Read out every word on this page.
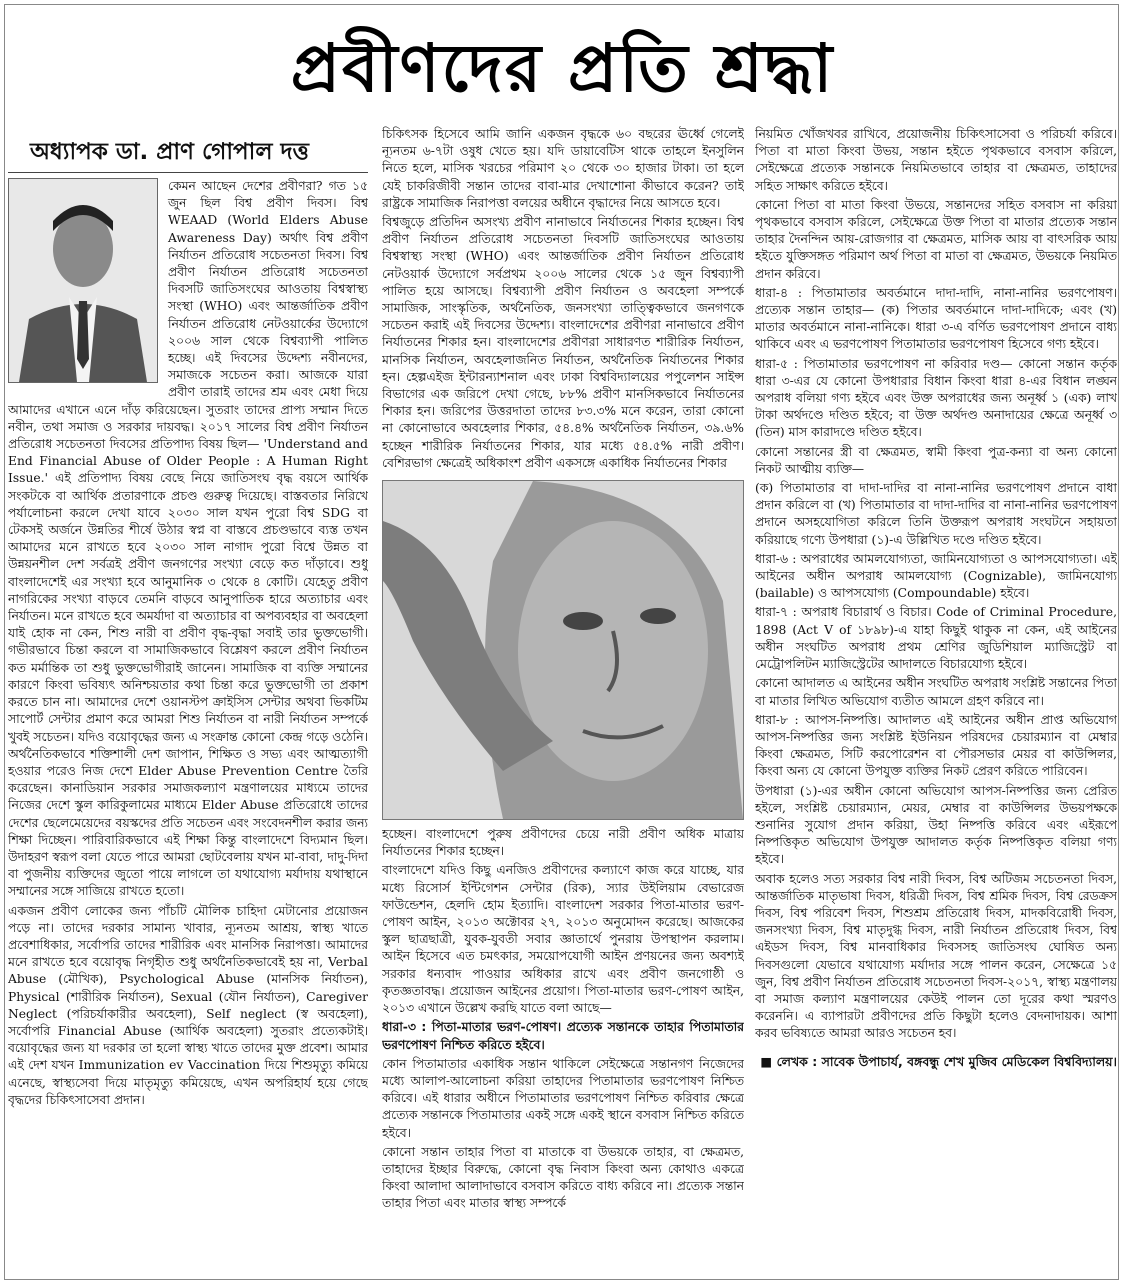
প্রবীণদের প্রতি শ্রদ্ধা
অধ্যাপক ডা. প্রাণ গোপাল দত্ত

কেমন আছেন দেশের প্রবীণরা? গত ১৫ জুন ছিল বিশ্ব প্রবীণ দিবস। বিশ্ব WEAAD (World Elders Abuse Awareness Day) অর্থাৎ বিশ্ব প্রবীণ নির্যাতন প্রতিরোধ সচেতনতা দিবস। বিশ্ব প্রবীণ নির্যাতন প্রতিরোধ সচেতনতা দিবসটি জাতিসংঘের আওতায় বিশ্বস্বাস্থ্য সংস্থা (WHO) এবং আন্তর্জাতিক প্রবীণ নির্যাতন প্রতিরোধ নেটওয়ার্কের উদ্যোগে ২০০৬ সাল থেকে বিশ্বব্যাপী পালিত হচ্ছে। এই দিবসের উদ্দেশ্য নবীনদের, সমাজকে সচেতন করা। আজকে যারা প্রবীণ তারাই তাদের শ্রম এবং মেধা দিয়ে আমাদের এখানে এনে দাঁড় করিয়েছেন। সুতরাং তাদের প্রাপ্য সম্মান দিতে নবীন, তথা সমাজ ও সরকার দায়বদ্ধ। ২০১৭ সালের বিশ্ব প্রবীণ নির্যাতন প্রতিরোধ সচেতনতা দিবসের প্রতিপাদ্য বিষয় ছিল— 'Understand and End Financial Abuse of Older People : A Human Right Issue.' এই প্রতিপাদ্য বিষয় বেছে নিয়ে জাতিসংঘ বৃদ্ধ বয়সে আর্থিক সংকটকে বা আর্থিক প্রতারণাকে প্রচণ্ড গুরুত্ব দিয়েছে। বাস্তবতার নিরিখে পর্যালোচনা করলে দেখা যাবে ২০৩০ সাল যখন পুরো বিশ্ব SDG বা টেকসই অর্জনে উন্নতির শীর্ষে উঠার স্বপ্ন বা বাস্তবে প্রচণ্ডভাবে ব্যস্ত তখন আমাদের মনে রাখতে হবে ২০৩০ সাল নাগাদ পুরো বিশ্বে উন্নত বা উন্নয়নশীল দেশ সর্বত্রই প্রবীণ জনগণের সংখ্যা বেড়ে কত দাঁড়াবে। শুধু বাংলাদেশেই এর সংখ্যা হবে আনুমানিক ৩ থেকে ৪ কোটি। যেহেতু প্রবীণ নাগরিকের সংখ্যা বাড়বে তেমনি বাড়বে আনুপাতিক হারে অত্যাচার এবং নির্যাতন। মনে রাখতে হবে অমর্যাদা বা অত্যাচার বা অপব্যবহার বা অবহেলা যাই হোক না কেন, শিশু নারী বা প্রবীণ বৃদ্ধ-বৃদ্ধা সবাই তার ভুক্তভোগী। গভীরভাবে চিন্তা করলে বা সামাজিকভাবে বিশ্লেষণ করলে প্রবীণ নির্যাতন কত মর্মান্তিক তা শুধু ভুক্তভোগীরাই জানেন। সামাজিক বা ব্যক্তি সম্মানের কারণে কিংবা ভবিষ্যৎ অনিশ্চয়তার কথা চিন্তা করে ভুক্তভোগী তা প্রকাশ করতে চান না। আমাদের দেশে ওয়ানস্টপ ক্রাইসিস সেন্টার অথবা ভিকটিম সাপোর্ট সেন্টার প্রমাণ করে আমরা শিশু নির্যাতন বা নারী নির্যাতন সম্পর্কে খুবই সচেতন। যদিও বয়োবৃদ্ধের জন্য এ সংক্রান্ত কোনো কেন্দ্র গড়ে ওঠেনি। অর্থনৈতিকভাবে শক্তিশালী দেশ জাপান, শিক্ষিত ও সভ্য এবং আত্মত্যাগী হওয়ার পরেও নিজ দেশে Elder Abuse Prevention Centre তৈরি করেছেন। কানাডিয়ান সরকার সমাজকল্যাণ মন্ত্রণালয়ের মাধ্যমে তাদের নিজের দেশে স্কুল কারিকুলামের মাধ্যমে Elder Abuse প্রতিরোধে তাদের দেশের ছেলেমেয়েদের বয়স্কদের প্রতি সচেতন এবং সংবেদনশীল করার জন্য শিক্ষা দিচ্ছেন। পারিবারিকভাবে এই শিক্ষা কিন্তু বাংলাদেশে বিদ্যমান ছিল। উদাহরণ স্বরূপ বলা যেতে পারে আমরা ছোটবেলায় যখন মা-বাবা, দাদু-দিদা বা পুজনীয় ব্যক্তিদের জুতো পায়ে লাগলে তা যথাযোগ্য মর্যাদায় যথাস্থানে সম্মানের সঙ্গে সাজিয়ে রাখতে হতো।

একজন প্রবীণ লোকের জন্য পাঁচটি মৌলিক চাহিদা মেটানোর প্রয়োজন পড়ে না। তাদের দরকার সামান্য খাবার, ন্যূনতম আশ্রয়, স্বাস্থ্য খাতে প্রবেশাধিকার, সর্বোপরি তাদের শারীরিক এবং মানসিক নিরাপত্তা। আমাদের মনে রাখতে হবে বয়োবৃদ্ধ নিগৃহীত শুধু অর্থনৈতিকভাবেই হয় না, Verbal Abuse (মৌখিক), Psychological Abuse (মানসিক নির্যাতন), Physical (শারীরিক নির্যাতন), Sexual (যৌন নির্যাতন), Caregiver Neglect (পরিচর্যাকারীর অবহেলা), Self neglect (স্ব অবহেলা), সর্বোপরি Financial Abuse (আর্থিক অবহেলা) সুতরাং প্রত্যেকটাই। বয়োবৃদ্ধের জন্য যা দরকার তা হলো স্বাস্থ্য খাতে তাদের মুক্ত প্রবেশ। আমার এই দেশ যখন Immunization ev Vaccination দিয়ে শিশুমৃত্যু কমিয়ে এনেছে, স্বাস্থ্যসেবা দিয়ে মাতৃমৃত্যু কমিয়েছে, এখন অপরিহার্য হয়ে গেছে বৃদ্ধদের চিকিৎসাসেবা প্রদান।

চিকিৎসক হিসেবে আমি জানি একজন বৃদ্ধকে ৬০ বছরের ঊর্ধ্বে গেলেই ন্যূনতম ৬-৭টা ওষুধ খেতে হয়। যদি ডায়াবেটিস থাকে তাহলে ইনসুলিন নিতে হলে, মাসিক খরচের পরিমাণ ২০ থেকে ৩০ হাজার টাকা। তা হলে যেই চাকরিজীবী সন্তান তাদের বাবা-মার দেখাশোনা কীভাবে করেন? তাই রাষ্ট্রকে সামাজিক নিরাপত্তা বলয়ের অধীনে বৃদ্ধাদের নিয়ে আসতে হবে।

বিশ্বজুড়ে প্রতিদিন অসংখ্য প্রবীণ নানাভাবে নির্যাতনের শিকার হচ্ছেন। বিশ্ব প্রবীণ নির্যাতন প্রতিরোধ সচেতনতা দিবসটি জাতিসংঘের আওতায় বিশ্বস্বাস্থ্য সংস্থা (WHO) এবং আন্তর্জাতিক প্রবীণ নির্যাতন প্রতিরোধ নেটওয়ার্ক উদ্যোগে সর্বপ্রথম ২০০৬ সালের থেকে ১৫ জুন বিশ্বব্যাপী পালিত হয়ে আসছে। বিশ্বব্যাপী প্রবীণ নির্যাতন ও অবহেলা সম্পর্কে সামাজিক, সাংস্কৃতিক, অর্থনৈতিক, জনসংখ্যা তাত্ত্বিকভাবে জনগণকে সচেতন করাই এই দিবসের উদ্দেশ্য। বাংলাদেশের প্রবীণরা নানাভাবে প্রবীণ নির্যাতনের শিকার হন। বাংলাদেশের প্রবীণরা সাধারণত শারীরিক নির্যাতন, মানসিক নির্যাতন, অবহেলাজনিত নির্যাতন, অর্থনৈতিক নির্যাতনের শিকার হন। হেল্পএইজ ইন্টারন্যাশনাল এবং ঢাকা বিশ্ববিদ্যালয়ের পপুলেশন সাইন্স বিভাগের এক জরিপে দেখা গেছে, ৮৮% প্রবীণ মানসিকভাবে নির্যাতনের শিকার হন। জরিপের উত্তরদাতা তাদের ৮৩.৩% মনে করেন, তারা কোনো না কোনোভাবে অবহেলার শিকার, ৫৪.৪% অর্থনৈতিক নির্যাতন, ৩৯.৬% হচ্ছেন শারীরিক নির্যাতনের শিকার, যার মধ্যে ৫৪.৫% নারী প্রবীণ। বেশিরভাগ ক্ষেত্রেই অধিকাংশ প্রবীণ একসঙ্গে একাধিক নির্যাতনের শিকার

হচ্ছেন। বাংলাদেশে পুরুষ প্রবীণদের চেয়ে নারী প্রবীণ অধিক মাত্রায় নির্যাতনের শিকার হচ্ছেন।

বাংলাদেশে যদিও কিছু এনজিও প্রবীণদের কল্যাণে কাজ করে যাচ্ছে, যার মধ্যে রিসোর্স ইন্টিগেশন সেন্টার (রিক), স্যার উইলিয়াম বেভারেজ ফাউন্ডেশন, হেলদি হোম ইত্যাদি। বাংলাদেশ সরকার পিতা-মাতার ভরণ-পোষণ আইন, ২০১৩ অক্টোবর ২৭, ২০১৩ অনুমোদন করেছে। আজকের স্কুল ছাত্রছাত্রী, যুবক-যুবতী সবার জ্ঞাতার্থে পুনরায় উপস্থাপন করলাম। আইন হিসেবে এত চমৎকার, সময়োপযোগী আইন প্রণয়নের জন্য অবশ্যই সরকার ধন্যবাদ পাওয়ার অধিকার রাখে এবং প্রবীণ জনগোষ্ঠী ও কৃতজ্ঞতাবদ্ধ। প্রয়োজন আইনের প্রয়োগ। পিতা-মাতার ভরণ-পোষণ আইন, ২০১৩ এখানে উল্লেখ করছি যাতে বলা আছে—

ধারা-৩ : পিতা-মাতার ভরণ-পোষণ। প্রত্যেক সন্তানকে তাহার পিতামাতার ভরণপোষণ নিশ্চিত করিতে হইবে।

কোন পিতামাতার একাধিক সন্তান থাকিলে সেইক্ষেত্রে সন্তানগণ নিজেদের মধ্যে আলাপ-আলোচনা করিয়া তাহাদের পিতামাতার ভরণপোষণ নিশ্চিত করিবে। এই ধারার অধীনে পিতামাতার ভরণপোষণ নিশ্চিত করিবার ক্ষেত্রে প্রত্যেক সন্তানকে পিতামাতার একই সঙ্গে একই স্থানে বসবাস নিশ্চিত করিতে হইবে।

কোনো সন্তান তাহার পিতা বা মাতাকে বা উভয়কে তাহার, বা ক্ষেত্রমত, তাহাদের ইচ্ছার বিরুদ্ধে, কোনো বৃদ্ধ নিবাস কিংবা অন্য কোথাও একত্রে কিংবা আলাদা আলাদাভাবে বসবাস করিতে বাধ্য করিবে না। প্রত্যেক সন্তান তাহার পিতা এবং মাতার স্বাস্থ্য সম্পর্কে

নিয়মিত খোঁজখবর রাখিবে, প্রয়োজনীয় চিকিৎসাসেবা ও পরিচর্যা করিবে। পিতা বা মাতা কিংবা উভয়, সন্তান হইতে পৃথকভাবে বসবাস করিলে, সেইক্ষেত্রে প্রত্যেক সন্তানকে নিয়মিতভাবে তাহার বা ক্ষেত্রমত, তাহাদের সহিত সাক্ষাৎ করিতে হইবে।

কোনো পিতা বা মাতা কিংবা উভয়ে, সন্তানদের সহিত বসবাস না করিয়া পৃথকভাবে বসবাস করিলে, সেইক্ষেত্রে উক্ত পিতা বা মাতার প্রত্যেক সন্তান তাহার দৈনন্দিন আয়-রোজগার বা ক্ষেত্রমত, মাসিক আয় বা বাৎসরিক আয় হইতে যুক্তিসঙ্গত পরিমাণ অর্থ পিতা বা মাতা বা ক্ষেত্রমত, উভয়কে নিয়মিত প্রদান করিবে।

ধারা-৪ : পিতামাতার অবর্তমানে দাদা-দাদি, নানা-নানির ভরণপোষণ। প্রত্যেক সন্তান তাহার— (ক) পিতার অবর্তমানে দাদা-দাদিকে; এবং (খ) মাতার অবর্তমানে নানা-নানিকে। ধারা ৩-এ বর্ণিত ভরণপোষণ প্রদানে বাধ্য থাকিবে এবং এ ভরণপোষণ পিতামাতার ভরণপোষণ হিসেবে গণ্য হইবে।

ধারা-৫ : পিতামাতার ভরণপোষণ না করিবার দণ্ড— কোনো সন্তান কর্তৃক ধারা ৩-এর যে কোনো উপধারার বিধান কিংবা ধারা ৪-এর বিধান লঙ্ঘন অপরাধ বলিয়া গণ্য হইবে এবং উক্ত অপরাধের জন্য অনূর্ধ্ব ১ (এক) লাখ টাকা অর্থদণ্ডে দণ্ডিত হইবে; বা উক্ত অর্থদণ্ড অনাদায়ের ক্ষেত্রে অনূর্ধ্ব ৩ (তিন) মাস কারাদণ্ডে দণ্ডিত হইবে।

কোনো সন্তানের স্ত্রী বা ক্ষেত্রমত, স্বামী কিংবা পুত্র-কন্যা বা অন্য কোনো নিকট আত্মীয় ব্যক্তি—

(ক) পিতামাতার বা দাদা-দাদির বা নানা-নানির ভরণপোষণ প্রদানে বাধা প্রদান করিলে বা (খ) পিতামাতার বা দাদা-দাদির বা নানা-নানির ভরণপোষণ প্রদানে অসহযোগিতা করিলে তিনি উক্তরূপ অপরাধ সংঘটনে সহায়তা করিয়াছে গণ্যে উপধারা (১)-এ উল্লিখিত দণ্ডে দণ্ডিত হইবে।

ধারা-৬ : অপরাধের আমলযোগ্যতা, জামিনযোগ্যতা ও আপসযোগ্যতা। এই আইনের অধীন অপরাধ আমলযোগ্য (Cognizable), জামিনযোগ্য (bailable) ও আপসযোগ্য (Compoundable) হইবে।

ধারা-৭ : অপরাধ বিচারার্থ ও বিচার। Code of Criminal Procedure, 1898 (Act V of ১৮৯৮)-এ যাহা কিছুই থাকুক না কেন, এই আইনের অধীন সংঘটিত অপরাধ প্রথম শ্রেণির জুডিশিয়াল ম্যাজিস্ট্রেট বা মেট্রোপলিটন ম্যাজিস্ট্রেটের আদালতে বিচারযোগ্য হইবে।

কোনো আদালত এ আইনের অধীন সংঘটিত অপরাধ সংশ্লিষ্ট সন্তানের পিতা বা মাতার লিখিত অভিযোগ ব্যতীত আমলে গ্রহণ করিবে না।

ধারা-৮ : আপস-নিষ্পত্তি। আদালত এই আইনের অধীন প্রাপ্ত অভিযোগ আপস-নিষ্পত্তির জন্য সংশ্লিষ্ট ইউনিয়ন পরিষদের চেয়ারম্যান বা মেম্বার কিংবা ক্ষেত্রমত, সিটি করপোরেশন বা পৌরসভার মেয়র বা কাউন্সিলর, কিংবা অন্য যে কোনো উপযুক্ত ব্যক্তির নিকট প্রেরণ করিতে পারিবেন।

উপধারা (১)-এর অধীন কোনো অভিযোগ আপস-নিষ্পত্তির জন্য প্রেরিত হইলে, সংশ্লিষ্ট চেয়ারম্যান, মেয়র, মেম্বার বা কাউন্সিলর উভয়পক্ষকে শুনানির সুযোগ প্রদান করিয়া, উহা নিষ্পত্তি করিবে এবং এইরূপে নিষ্পত্তিকৃত অভিযোগ উপযুক্ত আদালত কর্তৃক নিষ্পত্তিকৃত বলিয়া গণ্য হইবে।

অবাক হলেও সত্য সরকার বিশ্ব নারী দিবস, বিশ্ব অটিজম সচেতনতা দিবস, আন্তর্জাতিক মাতৃভাষা দিবস, ধরিত্রী দিবস, বিশ্ব শ্রমিক দিবস, বিশ্ব রেডক্রস দিবস, বিশ্ব পরিবেশ দিবস, শিশুশ্রম প্রতিরোধ দিবস, মাদকবিরোধী দিবস, জনসংখ্যা দিবস, বিশ্ব মাতৃদুগ্ধ দিবস, নারী নির্যাতন প্রতিরোধ দিবস, বিশ্ব এইডস দিবস, বিশ্ব মানবাধিকার দিবসসহ জাতিসংঘ ঘোষিত অন্য দিবসগুলো যেভাবে যথাযোগ্য মর্যাদার সঙ্গে পালন করেন, সেক্ষেত্রে ১৫ জুন, বিশ্ব প্রবীণ নির্যাতন প্রতিরোধ সচেতনতা দিবস-২০১৭, স্বাস্থ্য মন্ত্রণালয় বা সমাজ কল্যাণ মন্ত্রণালয়ের কেউই পালন তো দূরের কথা স্মরণও করেননি। এ ব্যাপারটা প্রবীণদের প্রতি কিছুটা হলেও বেদনাদায়ক। আশা করব ভবিষ্যতে আমরা আরও সচেতন হব।

■ লেখক : সাবেক উপাচার্য, বঙ্গবন্ধু শেখ মুজিব মেডিকেল বিশ্ববিদ্যালয়।
